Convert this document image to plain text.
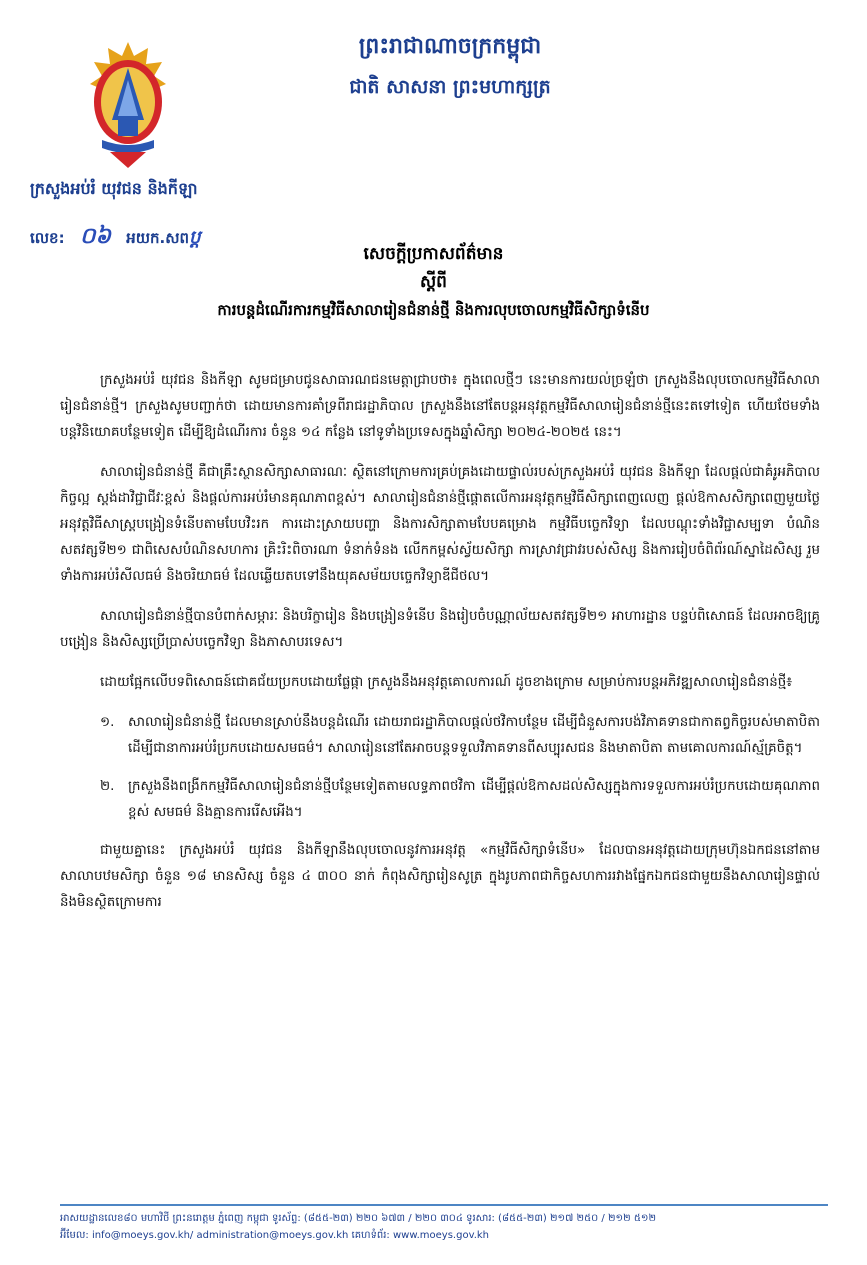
ព្រះរាជាណាចក្រកម្ពុជា
ជាតិ សាសនា ព្រះមហាក្សត្រ
ក្រសួងអប់រំ យុវជន និងកីឡា
លេខ: ០៦ អយក.សពប្ដ
សេចក្ដីប្រកាសព័ត៌មាន
ស្ដីពី
ការបន្តដំណើរការកម្មវិធីសាលារៀនជំនាន់ថ្មី និងការលុបចោលកម្មវិធីសិក្សាទំនើប

ក្រសួងអប់រំ យុវជន និងកីឡា សូមជម្រាបជូនសាធារណជនមេត្តាជ្រាបថា៖ ក្នុងពេលថ្មីៗ នេះមានការយល់ច្រឡំថា ក្រសួងនឹងលុបចោលកម្មវិធីសាលារៀនជំនាន់ថ្មី។ ក្រសួងសូមបញ្ជាក់ថា ដោយមានការគាំទ្រពីរាជរដ្ឋាភិបាល ក្រសួងនឹងនៅតែបន្តអនុវត្តកម្មវិធីសាលារៀនជំនាន់ថ្មីនេះតទៅទៀត ហើយថែមទាំងបន្តវិនិយោគបន្ថែមទៀត ដើម្បីឱ្យដំណើរការ ចំនួន ១៤ កន្លែង នៅទូទាំងប្រទេសក្នុងឆ្នាំសិក្សា ២០២៤-២០២៥ នេះ។

សាលារៀនជំនាន់ថ្មី គឺជាគ្រឹះស្ថានសិក្សាសាធារណៈ ស្ថិតនៅក្រោមការគ្រប់គ្រងដោយផ្ទាល់របស់ក្រសួងអប់រំ យុវជន និងកីឡា ដែលផ្តល់ជាគំរូអភិបាលកិច្ចល្អ ស្តង់ដាវិជ្ជាជីវៈខ្ពស់ និងផ្តល់ការអប់រំមានគុណភាពខ្ពស់។ សាលារៀនជំនាន់ថ្មីផ្តោតលើការអនុវត្តកម្មវិធីសិក្សាពេញលេញ ផ្តល់ឱកាសសិក្សាពេញមួយថ្ងៃ អនុវត្តវិធីសាស្ត្របង្រៀនទំនើបតាមបែបវិះរក ការដោះស្រាយបញ្ហា និងការសិក្សាតាមបែបគម្រោង កម្មវិធីបច្ចេកវិទ្យា ដែលបណ្តុះទាំងវិជ្ជាសម្បទា បំណិនសតវត្សទី២១ ជាពិសេសបំណិនសហការ គ្រិះរិះពិចារណា ទំនាក់ទំនង លើកកម្ពស់ស្វ័យសិក្សា ការស្រាវជ្រាវរបស់សិស្ស និងការរៀបចំពិព័រណ៍ស្នាដៃសិស្ស រួមទាំងការអប់រំសីលធម៌ និងចរិយាធម៌ ដែលឆ្លើយតបទៅនឹងយុគសម័យបច្ចេកវិទ្យាឌីជីថល។

សាលារៀនជំនាន់ថ្មីបានបំពាក់សម្ភារៈ និងបរិក្ខារៀន និងបង្រៀនទំនើប និងរៀបចំបណ្ណាល័យសតវត្សទី២១ អាហារដ្ឋាន បន្ទប់ពិសោធន៍ ដែលអាចឱ្យគ្រូបង្រៀន និងសិស្សប្រើប្រាស់បច្ចេកវិទ្យា និងភាសាបរទេស។

ដោយផ្អែកលើបទពិសោធន៍ជោគជ័យប្រកបដោយផ្លែផ្កា ក្រសួងនឹងអនុវត្តគោលការណ៍ ដូចខាងក្រោម សម្រាប់ការបន្តអភិវឌ្ឍសាលារៀនជំនាន់ថ្មី៖

១.	សាលារៀនជំនាន់ថ្មី ដែលមានស្រាប់នឹងបន្តដំណើរ ដោយរាជរដ្ឋាភិបាលផ្តល់ថវិកាបន្ថែម ដើម្បីជំនួសការបង់វិភាគទានជាកាតព្វកិច្ចរបស់មាតាបិតា ដើម្បីជានាការអប់រំប្រកបដោយសមធម៌។ សាលារៀននៅតែអាចបន្តទទួលវិភាគទានពីសប្បុរសជន និងមាតាបិតា តាមគោលការណ៍ស្ម័គ្រចិត្ត។
២.	ក្រសួងនឹងពង្រីកកម្មវិធីសាលារៀនជំនាន់ថ្មីបន្ថែមទៀតតាមលទ្ធភាពថវិកា ដើម្បីផ្តល់ឱកាសដល់សិស្សក្នុងការទទួលការអប់រំប្រកបដោយគុណភាពខ្ពស់ សមធម៌ និងគ្មានការរើសអើង។

ជាមួយគ្នានេះ ក្រសួងអប់រំ យុវជន និងកីឡានឹងលុបចោលនូវការអនុវត្ត «កម្មវិធីសិក្សាទំនើប» ដែលបានអនុវត្តដោយក្រុមហ៊ុនឯកជននៅតាមសាលាបឋមសិក្សា ចំនួន ១៨ មានសិស្ស ចំនួន ៤ ៣០០ នាក់ កំពុងសិក្សារៀនសូត្រ ក្នុងរូបភាពជាកិច្ចសហការរវាងផ្នែកឯកជនជាមួយនឹងសាលារៀនផ្ទាល់ និងមិនស្ថិតក្រោមការ

អាសយដ្ឋានលេខ៨០ មហាវិថី ព្រះនរោត្តម ភ្នំពេញ កម្ពុជា ទូរស័ព្ទ: (៨៥៥-២៣) ២២០ ៦៧៣ / ២២០ ៣០៤ ទូរសារ: (៨៥៥-២៣) ២១៧ ២៥០ / ២១២ ៥១២
អ៊ីមែល: info@moeys.gov.kh/ administration@moeys.gov.kh គេហទំព័រ: www.moeys.gov.kh
